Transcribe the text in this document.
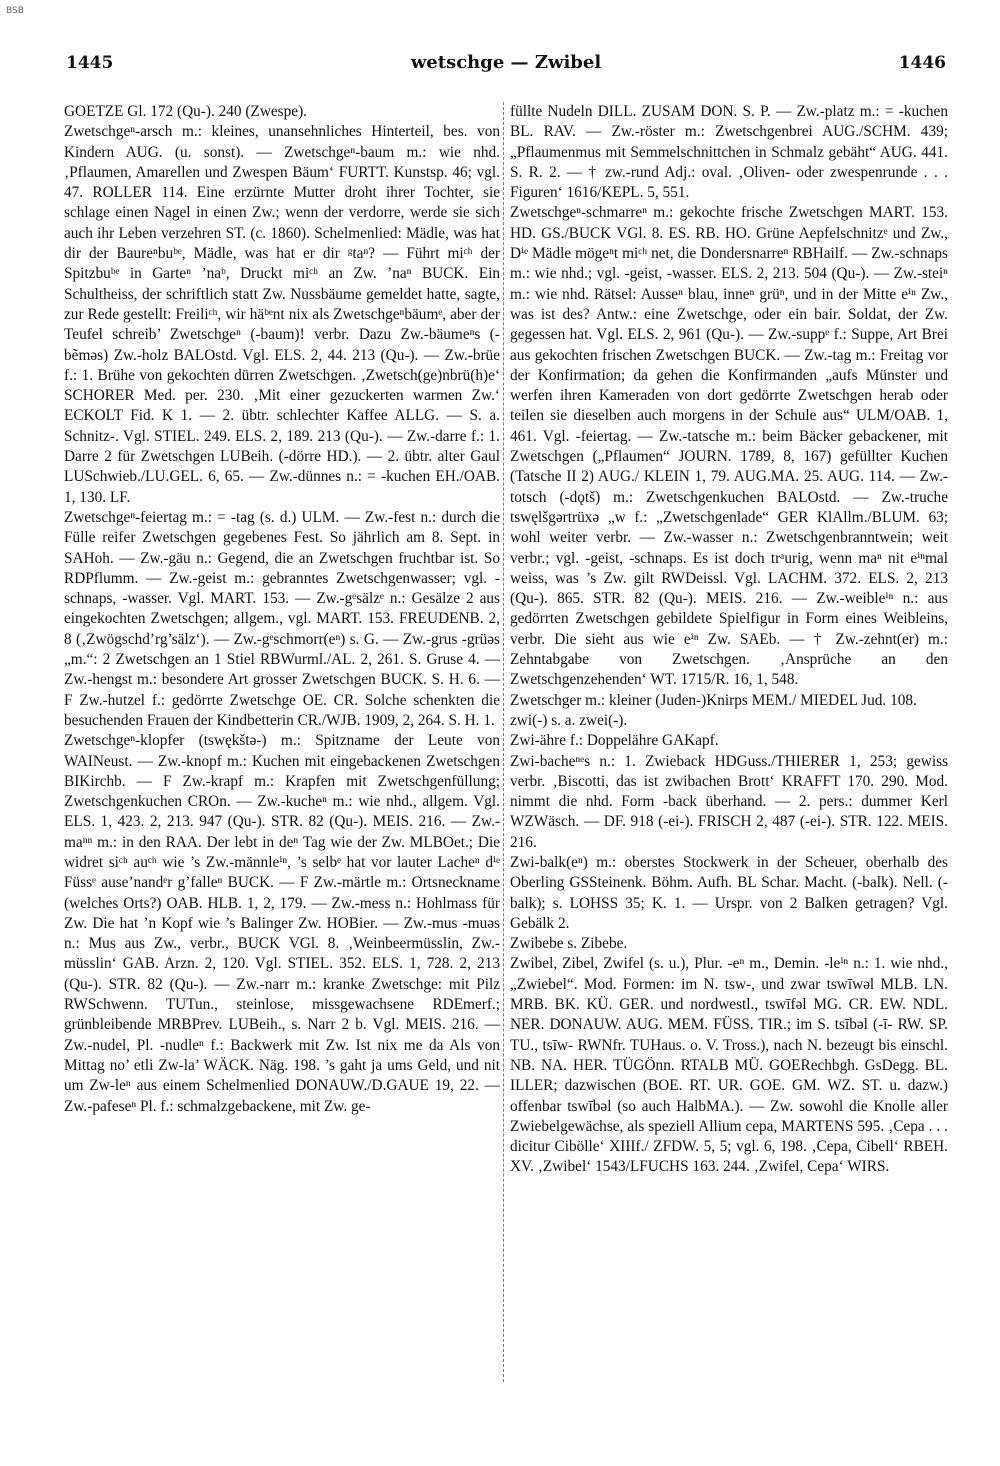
BSB
1445	wetschge — Zwibel	1446

GOETZE Gl. 172 (Qu-). 240 (Zwespe).

Zwetschgeⁿ-arsch m.: kleines, unansehnliches Hinterteil, bes. von Kindern AUG. (u. sonst). — Zwetschgeⁿ-baum m.: wie nhd. ‚Pflaumen, Amarellen und Zwespen Bäum‘ FURTT. Kunstsp. 46; vgl. 47. ROLLER 114. Eine erzürnte Mutter droht ihrer Tochter, sie schlage einen Nagel in einen Zw.; wenn der verdorre, werde sie sich auch ihr Leben verzehren ST. (c. 1860). Schelmenlied: Mädle, was hat dir der Baureⁿbuᵇᵉ, Mädle, was hat er dir ᵍtaⁿ? — Führt miᶜʰ der Spitzbuᵇᵉ in Garteⁿ ’naᵇ, Druckt miᶜʰ an Zw. ’naⁿ BUCK. Ein Schultheiss, der schriftlich statt Zw. Nussbäume gemeldet hatte, sagte, zur Rede gestellt: Freiliᶜʰ, wir häᵇᵉnt nix als Zwetschgeⁿbäumᵉ, aber der Teufel schreib’ Zwetschgeⁿ (-baum)! verbr. Dazu Zw.-bäumeⁿs (-bẽməs) Zw.-holz BALOstd. Vgl. ELS. 2, 44. 213 (Qu-). — Zw.-brüe f.: 1. Brühe von gekochten dürren Zwetschgen. ‚Zwetsch(ge)nbrü(h)e‘ SCHORER Med. per. 230. ‚Mit einer gezuckerten warmen Zw.‘ ECKOLT Fid. K 1. — 2. übtr. schlechter Kaffee ALLG. — S. a. Schnitz-. Vgl. STIEL. 249. ELS. 2, 189. 213 (Qu-). — Zw.-darre f.: 1. Darre 2 für Zwetschgen LUBeih. (-dörre HD.). — 2. übtr. alter Gaul LUSchwieb./LU.GEL. 6, 65. — Zw.-dünnes n.: = -kuchen EH./OAB. 1, 130. LF.

Zwetschgeⁿ-feiertag m.: = -tag (s. d.) ULM. — Zw.-fest n.: durch die Fülle reifer Zwetschgen gegebenes Fest. So jährlich am 8. Sept. in SAHoh. — Zw.-gäu n.: Gegend, die an Zwetschgen fruchtbar ist. So RDPflumm. — Zw.-geist m.: gebranntes Zwetschgenwasser; vgl. -schnaps, -wasser. Vgl. MART. 153. — Zw.-gᵉsälzᵉ n.: Gesälze 2 aus eingekochten Zwetschgen; allgem., vgl. MART. 153. FREUDENB. 2, 8 (‚Zwögschd’rg’sälz‘). — Zw.-gᵉschmorr(eⁿ) s. G. — Zw.-grus -grüəs „m.“: 2 Zwetschgen an 1 Stiel RBWurml./AL. 2, 261. S. Gruse 4. — Zw.-hengst m.: besondere Art grosser Zwetschgen BUCK. S. H. 6. — F Zw.-hutzel f.: gedörrte Zwetschge OE. CR. Solche schenkten die besuchenden Frauen der Kindbetterin CR./WJB. 1909, 2, 264. S. H. 1.

Zwetschgeⁿ-klopfer (tswękštə-) m.: Spitzname der Leute von WAINeust. — Zw.-knopf m.: Kuchen mit eingebackenen Zwetschgen BIKirchb. — F Zw.-krapf m.: Krapfen mit Zwetschgenfüllung; Zwetschgenkuchen CROn. — Zw.-kucheⁿ m.: wie nhd., allgem. Vgl. ELS. 1, 423. 2, 213. 947 (Qu-). STR. 82 (Qu-). MEIS. 216. — Zw.-maⁿⁿ m.: in den RAA. Der lebt in deⁿ Tag wie der Zw. MLBOet.; Die widret siᶜʰ auᶜʰ wie ’s Zw.-männleⁱⁿ, ’s selbᵉ hat vor lauter Lacheⁿ dⁱᵉ Füssᵉ ause’nandᵉr g’falleⁿ BUCK. — F Zw.-märtle m.: Ortsneckname (welches Orts?) OAB. HLB. 1, 2, 179. — Zw.-mess n.: Hohlmass für Zw. Die hat ’n Kopf wie ’s Balinger Zw. HOBier. — Zw.-mus -muəs n.: Mus aus Zw., verbr., BUCK VGl. 8. ‚Weinbeermüsslin, Zw.-müsslin‘ GAB. Arzn. 2, 120. Vgl. STIEL. 352. ELS. 1, 728. 2, 213 (Qu-). STR. 82 (Qu-). — Zw.-narr m.: kranke Zwetschge: mit Pilz RWSchwenn. TUTun., steinlose, missgewachsene RDEmerf.; grünbleibende MRBPrev. LUBeih., s. Narr 2 b. Vgl. MEIS. 216. — Zw.-nudel, Pl. -nudleⁿ f.: Backwerk mit Zw. Ist nix me da Als von Mittag no’ etli Zw-la’ WÄCK. Näg. 198. ’s gaht ja ums Geld, und nit um Zw-leⁿ aus einem Schelmenlied DONAUW./D.GAUE 19, 22. — Zw.-pafeseⁿ Pl. f.: schmalzgebackene, mit Zw. ge-

füllte Nudeln DILL. ZUSAM DON. S. P. — Zw.-platz m.: = -kuchen BL. RAV. — Zw.-röster m.: Zwetschgenbrei AUG./SCHM. 439; „Pflaumenmus mit Semmelschnittchen in Schmalz gebäht“ AUG. 441. S. R. 2. — † zw.-rund Adj.: oval. ‚Oliven- oder zwespenrunde . . . Figuren‘ 1616/KEPL. 5, 551.

Zwetschgeⁿ-schmarreⁿ m.: gekochte frische Zwetschgen MART. 153. HD. GS./BUCK VGl. 8. ES. RB. HO. Grüne Aepfelschnitzᵉ und Zw., Dⁱᵉ Mädle mögeⁿt miᶜʰ net, die Dondersnarreⁿ RBHailf. — Zw.-schnaps m.: wie nhd.; vgl. -geist, -wasser. ELS. 2, 213. 504 (Qu-). — Zw.-steiⁿ m.: wie nhd. Rätsel: Ausseⁿ blau, inneⁿ grüⁿ, und in der Mitte eⁱⁿ Zw., was ist des? Antw.: eine Zwetschge, oder ein bair. Soldat, der Zw. gegessen hat. Vgl. ELS. 2, 961 (Qu-). — Zw.-suppᵉ f.: Suppe, Art Brei aus gekochten frischen Zwetschgen BUCK. — Zw.-tag m.: Freitag vor der Konfirmation; da gehen die Konfirmanden „aufs Münster und werfen ihren Kameraden von dort gedörrte Zwetschgen herab oder teilen sie dieselben auch morgens in der Schule aus“ ULM/OAB. 1, 461. Vgl. -feiertag. — Zw.-tatsche m.: beim Bäcker gebackener, mit Zwetschgen („Pflaumen“ JOURN. 1789, 8, 167) gefüllter Kuchen (Tatsche II 2) AUG./ KLEIN 1, 79. AUG.MA. 25. AUG. 114. — Zw.-totsch (-dǫtš) m.: Zwetschgenkuchen BALOstd. — Zw.-truche tswęlšgərtrüxə „w f.: „Zwetschgenlade“ GER KlAllm./BLUM. 63; wohl weiter verbr. — Zw.-wasser n.: Zwetschgenbranntwein; weit verbr.; vgl. -geist, -schnaps. Es ist doch trᵃurig, wenn maⁿ nit eⁱⁿmal weiss, was ’s Zw. gilt RWDeissl. Vgl. LACHM. 372. ELS. 2, 213 (Qu-). 865. STR. 82 (Qu-). MEIS. 216. — Zw.-weibleⁱⁿ n.: aus gedörrten Zwetschgen gebildete Spielfigur in Form eines Weibleins, verbr. Die sieht aus wie eⁱⁿ Zw. SAEb. — † Zw.-zehnt(er) m.: Zehntabgabe von Zwetschgen. ‚Ansprüche an den Zwetschgenzehenden‘ WT. 1715/R. 16, 1, 548.

Zwetschger m.: kleiner (Juden-)Knirps MEM./ MIEDEL Jud. 108.

zwi(-) s. a. zwei(-).

Zwi-ähre f.: Doppelähre GAKapf.

Zwi-bacheⁿᵉs n.: 1. Zwieback HDGuss./THIERER 1, 253; gewiss verbr. ‚Biscotti, das ist zwibachen Brott‘ KRAFFT 170. 290. Mod. nimmt die nhd. Form -back überhand. — 2. pers.: dummer Kerl WZWäsch. — DF. 918 (-ei-). FRISCH 2, 487 (-ei-). STR. 122. MEIS. 216.

Zwi-balk(eⁿ) m.: oberstes Stockwerk in der Scheuer, oberhalb des Oberling GSSteinenk. Böhm. Aufh. BL Schar. Macht. (-balk). Nell. (-balk); s. LOHSS 35; K. 1. — Urspr. von 2 Balken getragen? Vgl. Gebälk 2.

Zwibebe s. Zibebe.

Zwibel, Zibel, Zwifel (s. u.), Plur. -eⁿ m., Demin. -leⁱⁿ n.: 1. wie nhd., „Zwiebel“. Mod. Formen: im N. tsw-, und zwar tswīwəl MLB. LN. MRB. BK. KÜ. GER. und nordwestl., tswīfəl MG. CR. EW. NDL. NER. DONAUW. AUG. MEM. FÜSS. TIR.; im S. tsībəl (-ī- RW. SP. TU., tsīw- RWNfr. TUHaus. o. V. Tross.), nach N. bezeugt bis einschl. NB. NA. HER. TÜGÖnn. RTALB MÜ. GOERechbgh. GsDegg. BL. ILLER; dazwischen (BOE. RT. UR. GOE. GM. WZ. ST. u. dazw.) offenbar tswībəl (so auch HalbMA.). — Zw. sowohl die Knolle aller Zwiebelgewächse, als speziell Allium cepa, MARTENS 595. ‚Cepa . . . dicitur Cibölle‘ XIIIf./ ZFDW. 5, 5; vgl. 6, 198. ‚Cepa, Cibell‘ RBEH. XV. ‚Zwibel‘ 1543/LFUCHS 163. 244. ‚Zwifel, Cepa‘ WIRS.
